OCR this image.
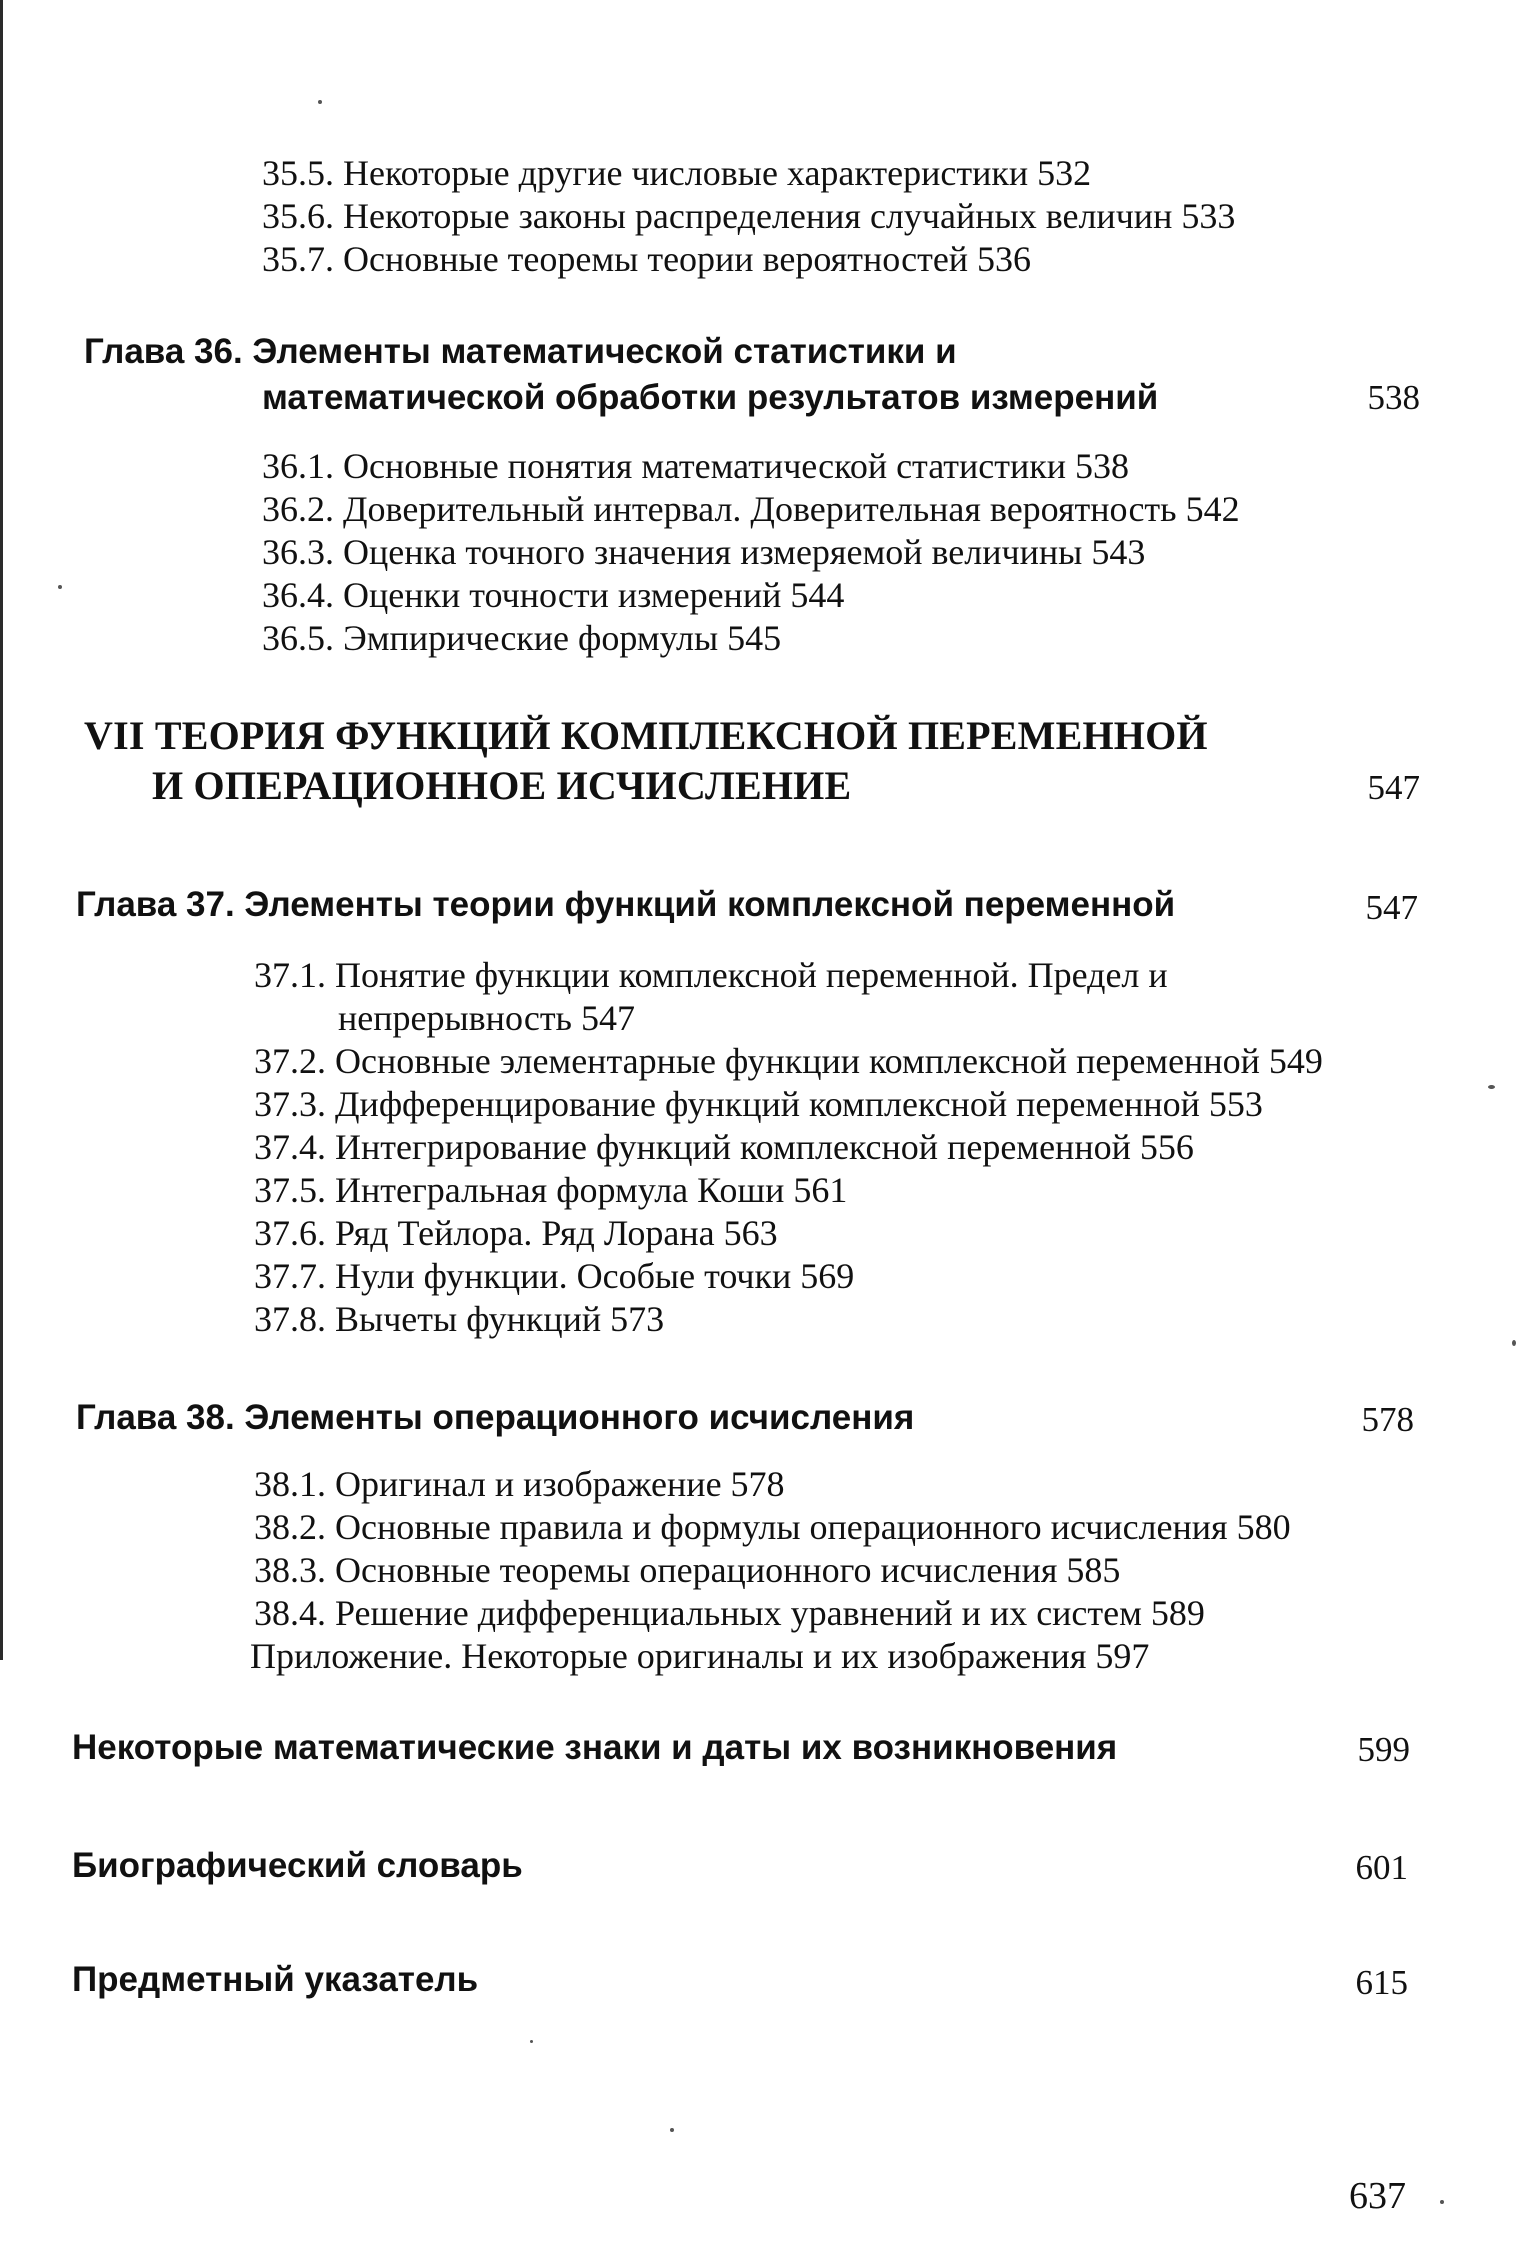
35.5. Некоторые другие числовые характеристики 532
35.6. Некоторые законы распределения случайных величин 533
35.7. Основные теоремы теории вероятностей 536
Глава 36. Элементы математической статистики и
математической обработки результатов измерений	538
36.1. Основные понятия математической статистики 538
36.2. Доверительный интервал. Доверительная вероятность 542
36.3. Оценка точного значения измеряемой величины 543
36.4. Оценки точности измерений 544
36.5. Эмпирические формулы 545
VII ТЕОРИЯ ФУНКЦИЙ КОМПЛЕКСНОЙ ПЕРЕМЕННОЙ
И ОПЕРАЦИОННОЕ ИСЧИСЛЕНИЕ	547
Глава 37. Элементы теории функций комплексной переменной	547
37.1. Понятие функции комплексной переменной. Предел и
непрерывность 547
37.2. Основные элементарные функции комплексной переменной 549
37.3. Дифференцирование функций комплексной переменной 553
37.4. Интегрирование функций комплексной переменной 556
37.5. Интегральная формула Коши 561
37.6. Ряд Тейлора. Ряд Лорана 563
37.7. Нули функции. Особые точки 569
37.8. Вычеты функций 573
Глава 38. Элементы операционного исчисления	578
38.1. Оригинал и изображение 578
38.2. Основные правила и формулы операционного исчисления 580
38.3. Основные теоремы операционного исчисления 585
38.4. Решение дифференциальных уравнений и их систем 589
Приложение. Некоторые оригиналы и их изображения 597
Некоторые математические знаки и даты их возникновения	599
Биографический словарь	601
Предметный указатель	615
637
